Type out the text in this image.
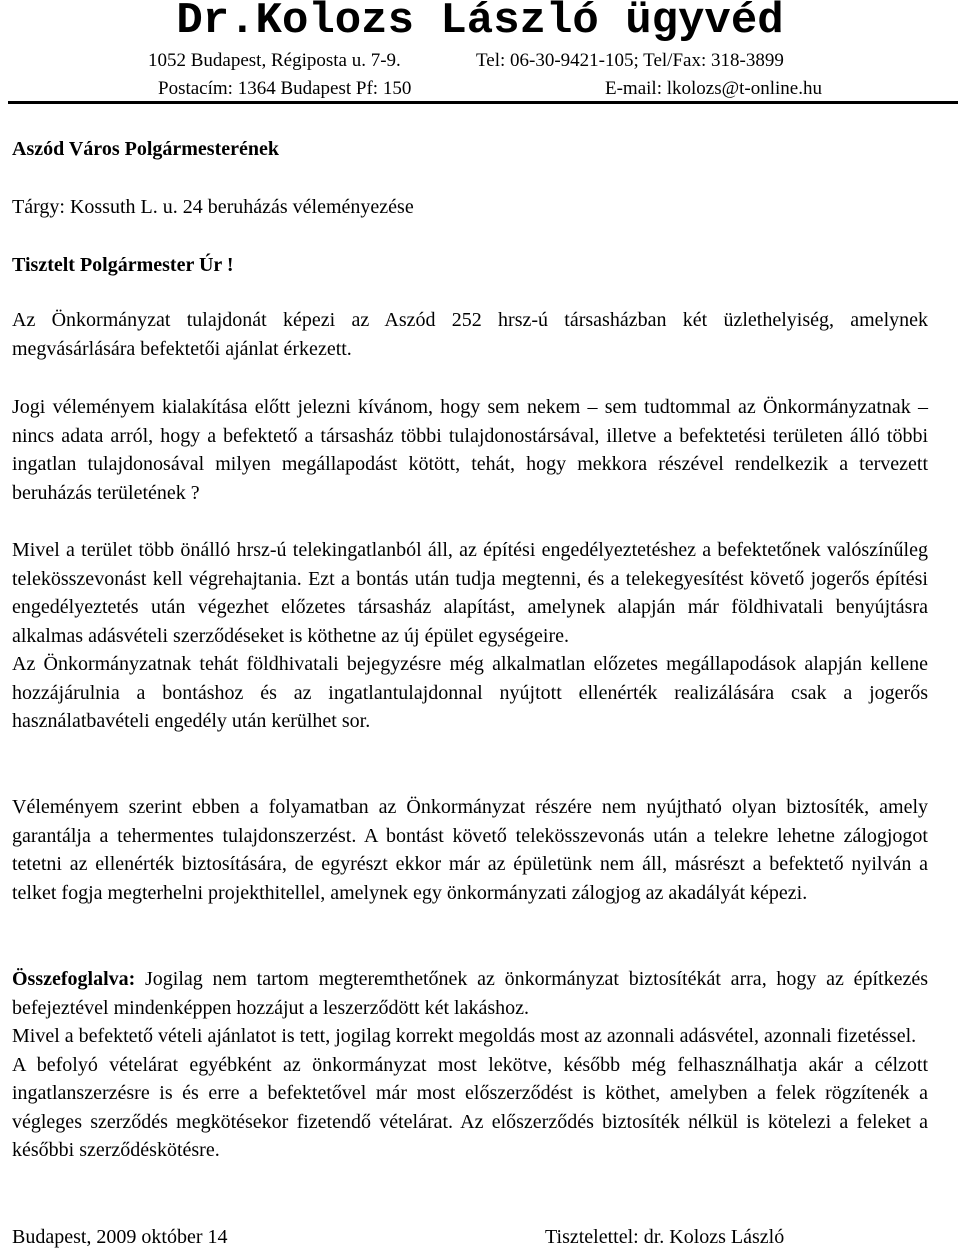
Dr.Kolozs László ügyvéd
1052 Budapest, Régiposta u. 7-9.	Tel: 06-30-9421-105; Tel/Fax: 318-3899
Postacím: 1364 Budapest Pf: 150	E-mail: lkolozs@t-online.hu
Aszód Város Polgármesterének
Tárgy: Kossuth L. u. 24 beruházás véleményezése
Tisztelt Polgármester Úr !

Az Önkormányzat tulajdonát képezi az Aszód 252 hrsz-ú társasházban két üzlethelyiség, amelynek megvásárlására befektetői ajánlat érkezett.

Jogi véleményem kialakítása előtt jelezni kívánom, hogy sem nekem – sem tudtommal az Önkormányzatnak – nincs adata arról, hogy a befektető a társasház többi tulajdonostársával, illetve a befektetési területen álló többi ingatlan tulajdonosával milyen megállapodást kötött, tehát, hogy mekkora részével rendelkezik a tervezett beruházás területének ?

Mivel a terület több önálló hrsz-ú telekingatlanból áll, az építési engedélyeztetéshez a befektetőnek valószínűleg telekösszevonást kell végrehajtania. Ezt a bontás után tudja megtenni, és a telekegyesítést követő jogerős építési engedélyeztetés után végezhet előzetes társasház alapítást, amelynek alapján már földhivatali benyújtásra alkalmas adásvételi szerződéseket is köthetne az új épület egységeire.

Az Önkormányzatnak tehát földhivatali bejegyzésre még alkalmatlan előzetes megállapodások alapján kellene hozzájárulnia a bontáshoz és az ingatlantulajdonnal nyújtott ellenérték realizálására csak a jogerős használatbavételi engedély után kerülhet sor.

Véleményem szerint ebben a folyamatban az Önkormányzat részére nem nyújtható olyan biztosíték, amely garantálja a tehermentes tulajdonszerzést. A bontást követő telekösszevonás után a telekre lehetne zálogjogot tetetni az ellenérték biztosítására, de egyrészt ekkor már az épületünk nem áll, másrészt a befektető nyilván a telket fogja megterhelni projekthitellel, amelynek egy önkormányzati zálogjog az akadályát képezi.

Összefoglalva: Jogilag nem tartom megteremthetőnek az önkormányzat biztosítékát arra, hogy az építkezés befejeztével mindenképpen hozzájut a leszerződött két lakáshoz.

Mivel a befektető vételi ajánlatot is tett, jogilag korrekt megoldás most az azonnali adásvétel, azonnali fizetéssel.

A befolyó vételárat egyébként az önkormányzat most lekötve, később még felhasználhatja akár a célzott ingatlanszerzésre is és erre a befektetővel már most előszerződést is köthet, amelyben a felek rögzítenék a végleges szerződés megkötésekor fizetendő vételárat. Az előszerződés biztosíték nélkül is kötelezi a feleket a későbbi szerződéskötésre.

Budapest, 2009 október 14	Tisztelettel: dr. Kolozs László
